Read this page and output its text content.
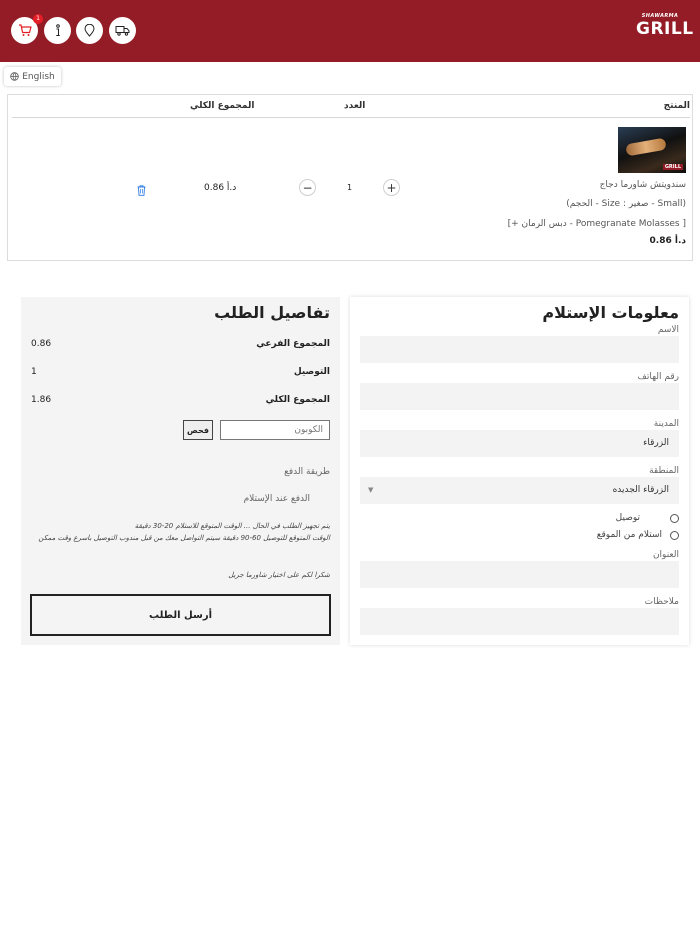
1	SHAWARMA
GRILL
English
المنتج
العدد
المجموع الكلي
GRILL
سندويتش شاورما دجاج
(الحجم - Size : صغير - Small)
[+ دبس الرمان - Pomegranate Molasses ]
0.86 د.أ
+
1
−
0.86 د.أ
تفاصيل الطلب
المجموع الفرعي
0.86
التوصيل
1
المجموع الكلي
1.86
الكوبون
فحص
طريقة الدفع
الدفع عند الإستلام
يتم تجهيز الطلب في الحال ... الوقت المتوقع للاستلام 20-30 دقيقة
الوقت المتوقع للتوصيل 60-90 دقيقة سيتم التواصل معك من قبل مندوب التوصيل باسرع وقت ممكن
شكرا لكم على اختيار شاورما جريل
أرسل الطلب
معلومات الإستلام
الاسم
رقم الهاتف
المدينة
الزرقاء
المنطقة
▼	الزرقاء الجديده
توصيل
استلام من الموقع
العنوان
ملاحظات
